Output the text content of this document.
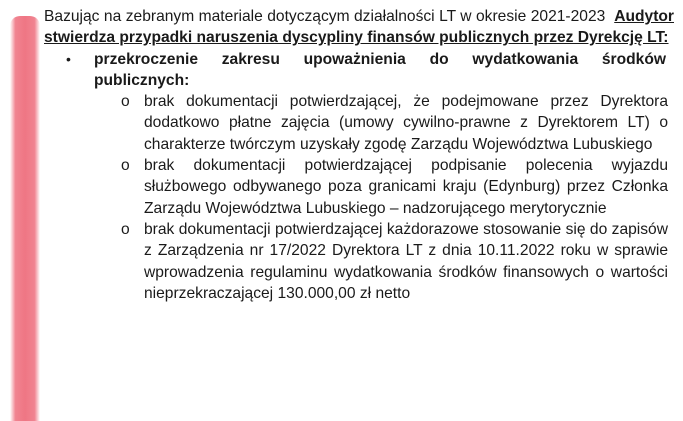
Bazując na zebranym materiale dotyczącym działalności LT w okresie 2021-2023 Audytor stwierdza przypadki naruszenia dyscypliny finansów publicznych przez Dyrekcję LT:

• przekroczenie zakresu upoważnienia do wydatkowania środków publicznych:
o brak dokumentacji potwierdzającej, że podejmowane przez Dyrektora dodatkowo płatne zajęcia (umowy cywilno-prawne z Dyrektorem LT) o charakterze twórczym uzyskały zgodę Zarządu Województwa Lubuskiego
o brak dokumentacji potwierdzającej podpisanie polecenia wyjazdu służbowego odbywanego poza granicami kraju (Edynburg) przez Członka Zarządu Województwa Lubuskiego – nadzorującego merytorycznie
o brak dokumentacji potwierdzającej każdorazowe stosowanie się do zapisów z Zarządzenia nr 17/2022 Dyrektora LT z dnia 10.11.2022 roku w sprawie wprowadzenia regulaminu wydatkowania środków finansowych o wartości nieprzekraczającej 130.000,00 zł netto
